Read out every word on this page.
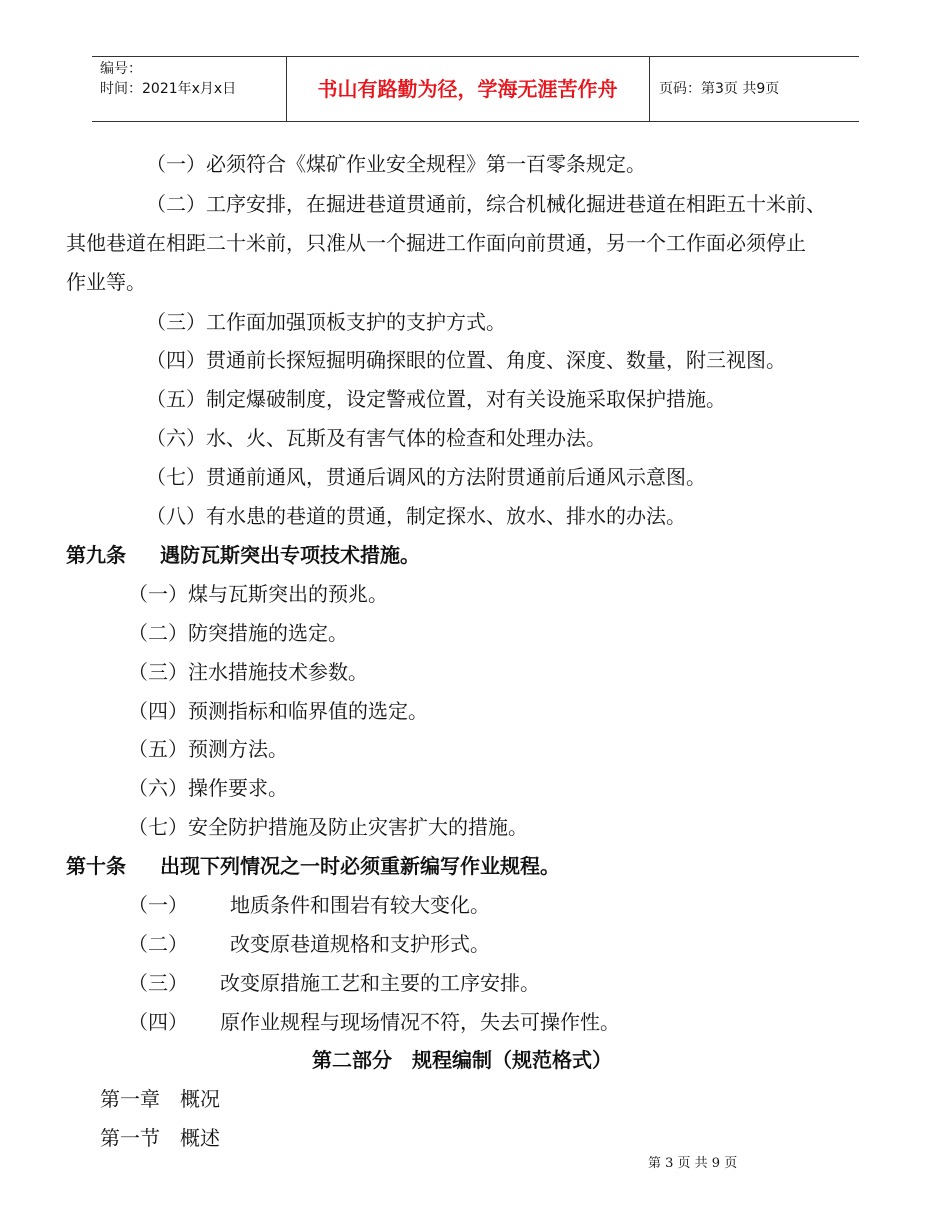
编号：
时间：2021年x月x日	书山有路勤为径，学海无涯苦作舟	页码：第3页 共9页
（一）必须符合《煤矿作业安全规程》第一百零条规定。
（二）工序安排，在掘进巷道贯通前，综合机械化掘进巷道在相距五十米前、
其他巷道在相距二十米前，只准从一个掘进工作面向前贯通，另一个工作面必须停止
作业等。
（三）工作面加强顶板支护的支护方式。
（四）贯通前长探短掘明确探眼的位置、角度、深度、数量，附三视图。
（五）制定爆破制度，设定警戒位置，对有关设施采取保护措施。
（六）水、火、瓦斯及有害气体的检查和处理办法。
（七）贯通前通风，贯通后调风的方法附贯通前后通风示意图。
（八）有水患的巷道的贯通，制定探水、放水、排水的办法。
第九条 遇防瓦斯突出专项技术措施。
（一）煤与瓦斯突出的预兆。
（二）防突措施的选定。
（三）注水措施技术参数。
（四）预测指标和临界值的选定。
（五）预测方法。
（六）操作要求。
（七）安全防护措施及防止灾害扩大的措施。
第十条 出现下列情况之一时必须重新编写作业规程。
（一） 地质条件和围岩有较大变化。
（二） 改变原巷道规格和支护形式。
（三） 改变原措施工艺和主要的工序安排。
（四） 原作业规程与现场情况不符，失去可操作性。
第二部分　规程编制（规范格式）
第一章　概况
第一节　概述
第 3 页 共 9 页
